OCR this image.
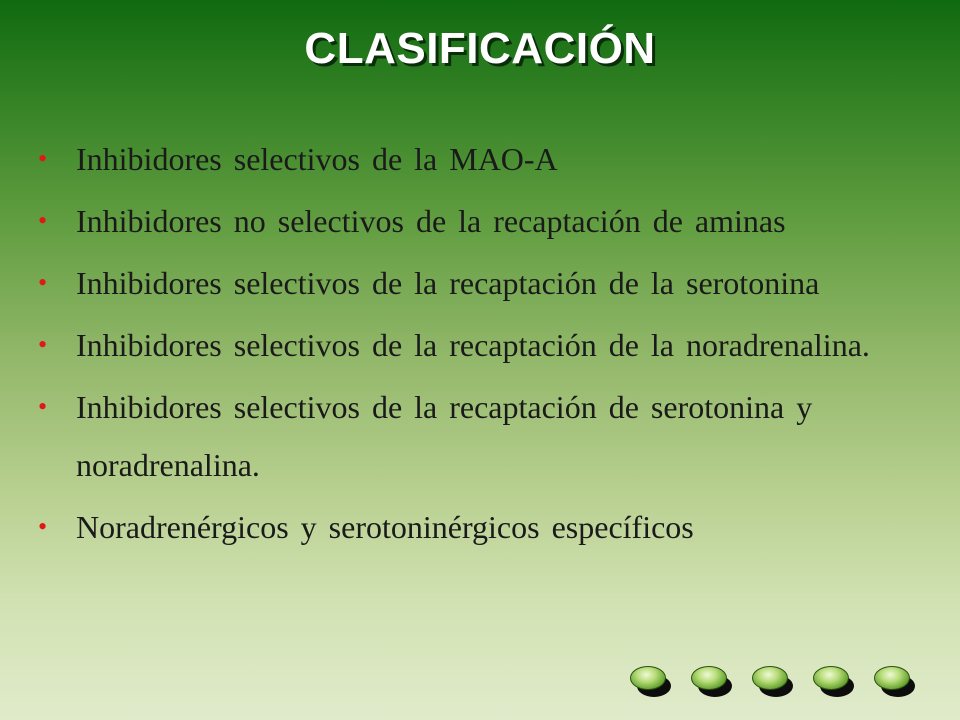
CLASIFICACIÓN
• Inhibidores selectivos de la MAO-A
• Inhibidores no selectivos de la recaptación de aminas
• Inhibidores selectivos de la recaptación de la serotonina
• Inhibidores selectivos de la recaptación de la noradrenalina.
• Inhibidores selectivos de la recaptación de serotonina y noradrenalina.
• Noradrenérgicos y serotoninérgicos específicos
